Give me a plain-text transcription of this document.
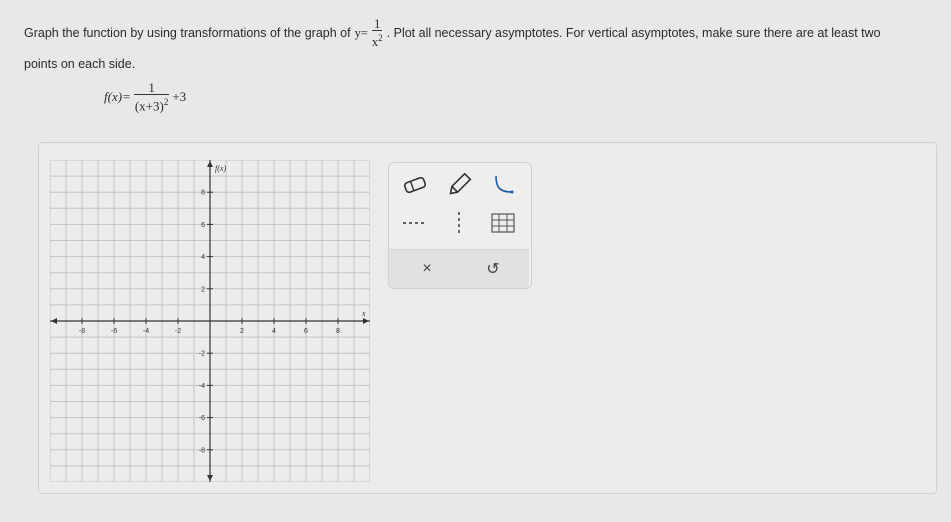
Graph the function by using transformations of the graph of $y= \frac{1}{x^2}$ . Plot all necessary asymptotes. For vertical asymptotes, make sure there are at least two
points on each side.
$f(x)= \frac{1}{(x+3)^2} +3$
-8	-6	-4	-2	2	4	6	8
8
6
4
2
-2
-4
-6
-8
f(x)
x
×	↺
